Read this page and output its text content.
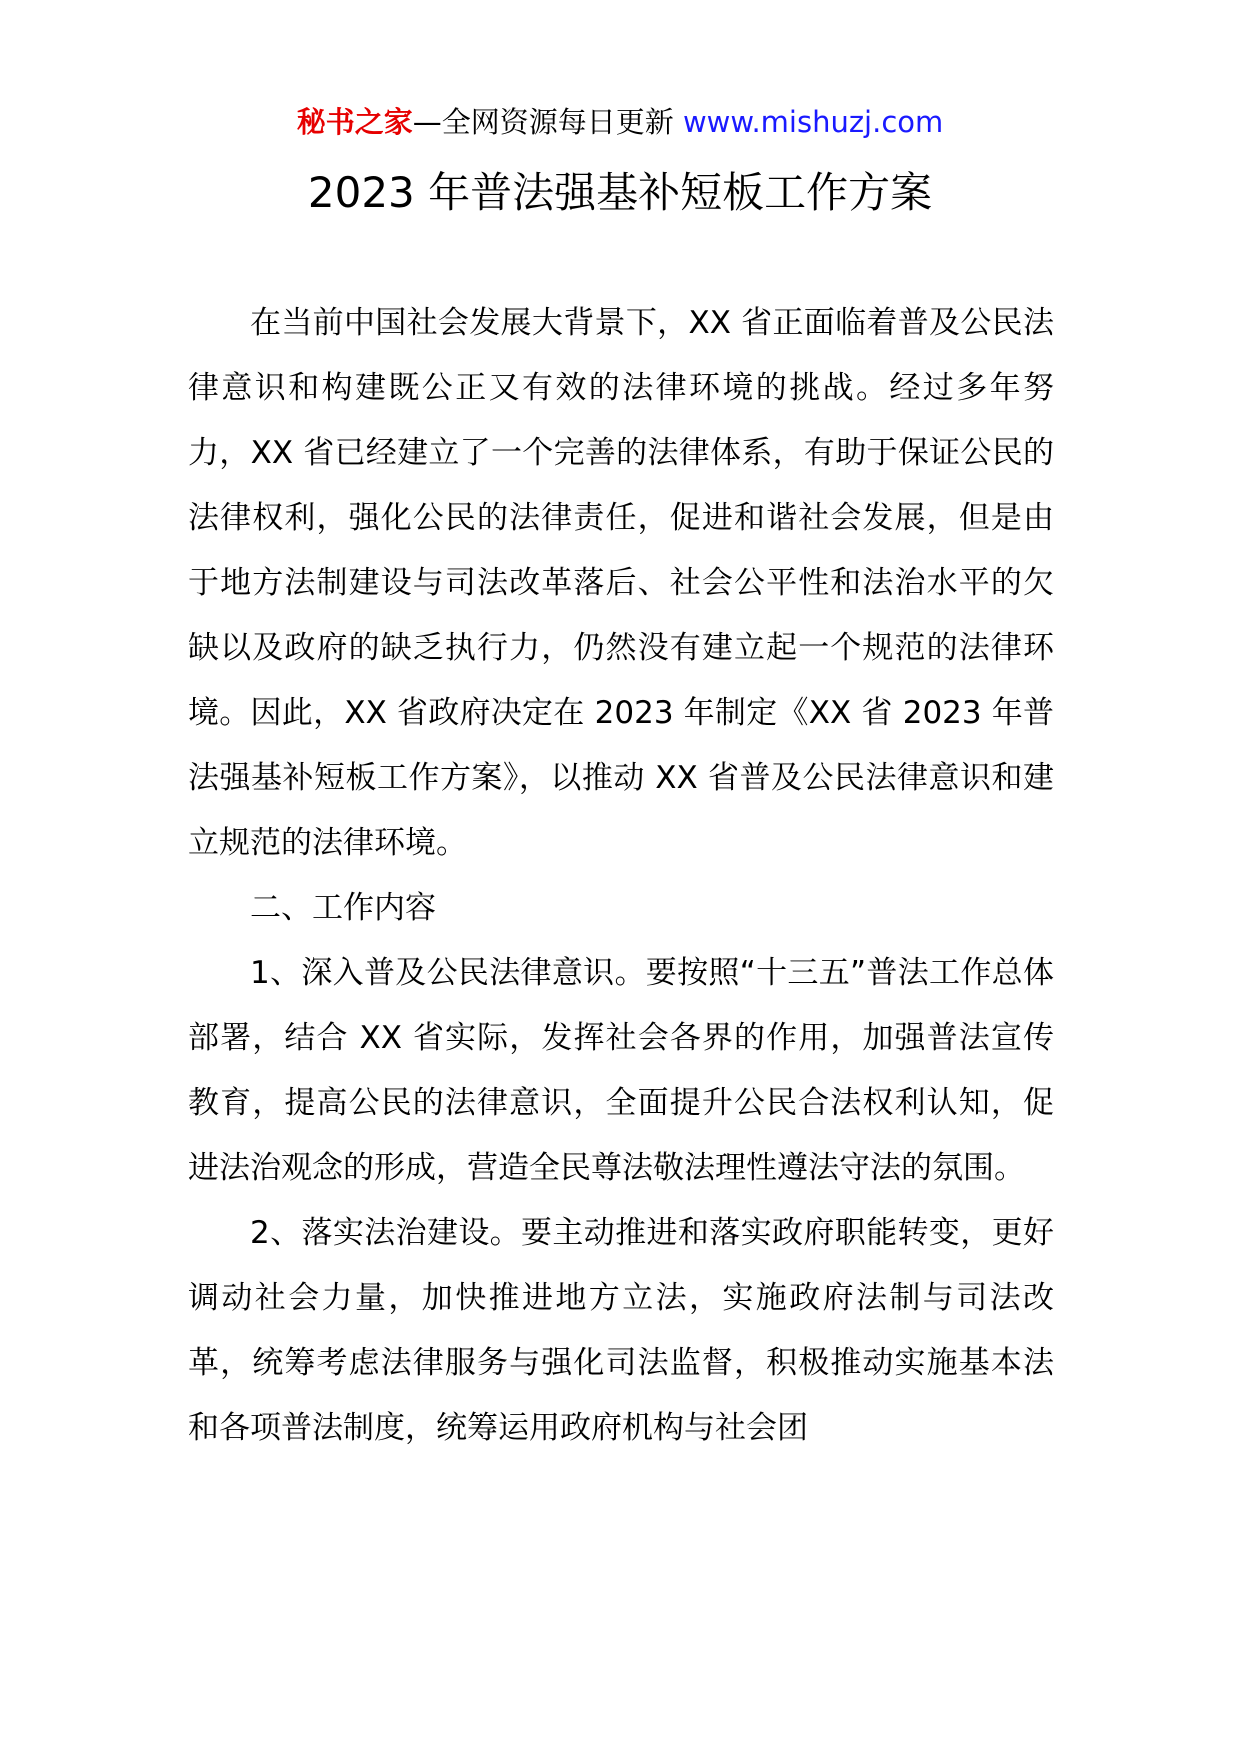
秘书之家—全网资源每日更新 www.mishuzj.com
2023 年普法强基补短板工作方案

在当前中国社会发展大背景下，XX 省正面临着普及公民法律意识和构建既公正又有效的法律环境的挑战。经过多年努力，XX 省已经建立了一个完善的法律体系，有助于保证公民的法律权利，强化公民的法律责任，促进和谐社会发展，但是由于地方法制建设与司法改革落后、社会公平性和法治水平的欠缺以及政府的缺乏执行力，仍然没有建立起一个规范的法律环境。因此，XX 省政府决定在 2023 年制定《XX 省 2023 年普法强基补短板工作方案》，以推动 XX 省普及公民法律意识和建立规范的法律环境。

二、工作内容

1、深入普及公民法律意识。要按照“十三五”普法工作总体部署，结合 XX 省实际，发挥社会各界的作用，加强普法宣传教育，提高公民的法律意识，全面提升公民合法权利认知，促进法治观念的形成，营造全民尊法敬法理性遵法守法的氛围。

2、落实法治建设。要主动推进和落实政府职能转变，更好调动社会力量，加快推进地方立法，实施政府法制与司法改革，统筹考虑法律服务与强化司法监督，积极推动实施基本法和各项普法制度，统筹运用政府机构与社会团
